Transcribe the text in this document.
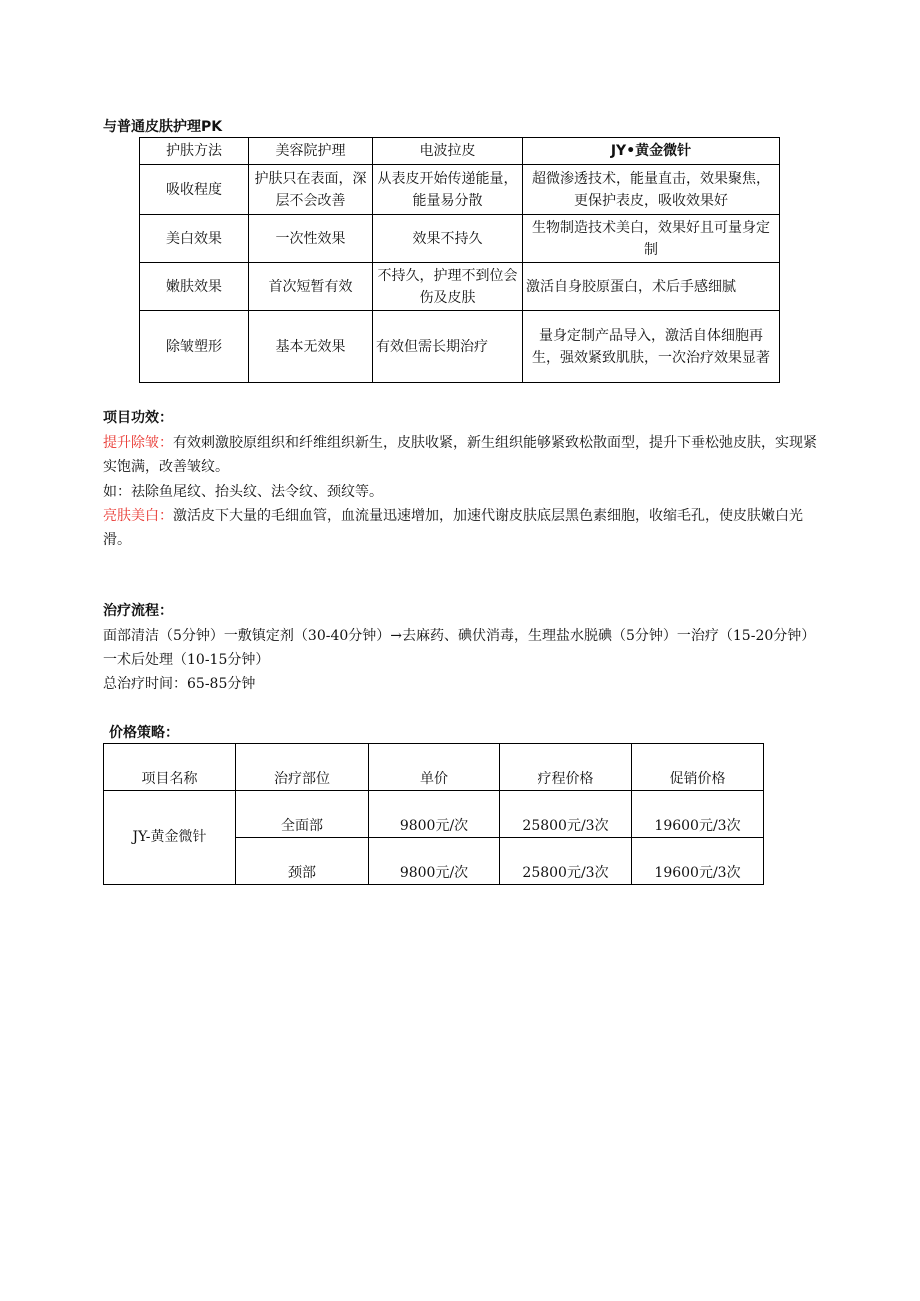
与普通皮肤护理PK
护肤方法	美容院护理	电波拉皮	JY•黄金微针
吸收程度	护肤只在表面，深层不会改善	从表皮开始传递能量，能量易分散	超微渗透技术，能量直击，效果聚焦，更保护表皮，吸收效果好
美白效果	一次性效果	效果不持久	生物制造技术美白，效果好且可量身定制
嫩肤效果	首次短暂有效	不持久，护理不到位会伤及皮肤	激活自身胶原蛋白，术后手感细腻
除皱塑形	基本无效果	有效但需长期治疗	量身定制产品导入，激活自体细胞再生，强效紧致肌肤，一次治疗效果显著
项目功效：
提升除皱：有效刺激胶原组织和纤维组织新生，皮肤收紧，新生组织能够紧致松散面型，提升下垂松弛皮肤，实现紧实饱满，改善皱纹。
如：祛除鱼尾纹、抬头纹、法令纹、颈纹等。
亮肤美白：激活皮下大量的毛细血管，血流量迅速增加，加速代谢皮肤底层黑色素细胞，收缩毛孔，使皮肤嫩白光滑。
治疗流程：
面部清洁（5分钟）一敷镇定剂（30-40分钟）→去麻药、碘伏消毒，生理盐水脱碘（5分钟）一治疗（15-20分钟）一术后处理（10-15分钟）
总治疗时间：65-85分钟
价格策略：
项目名称	治疗部位	单价	疗程价格	促销价格
JY-黄金微针	全面部	9800元/次	25800元/3次	19600元/3次
	颈部	9800元/次	25800元/3次	19600元/3次
